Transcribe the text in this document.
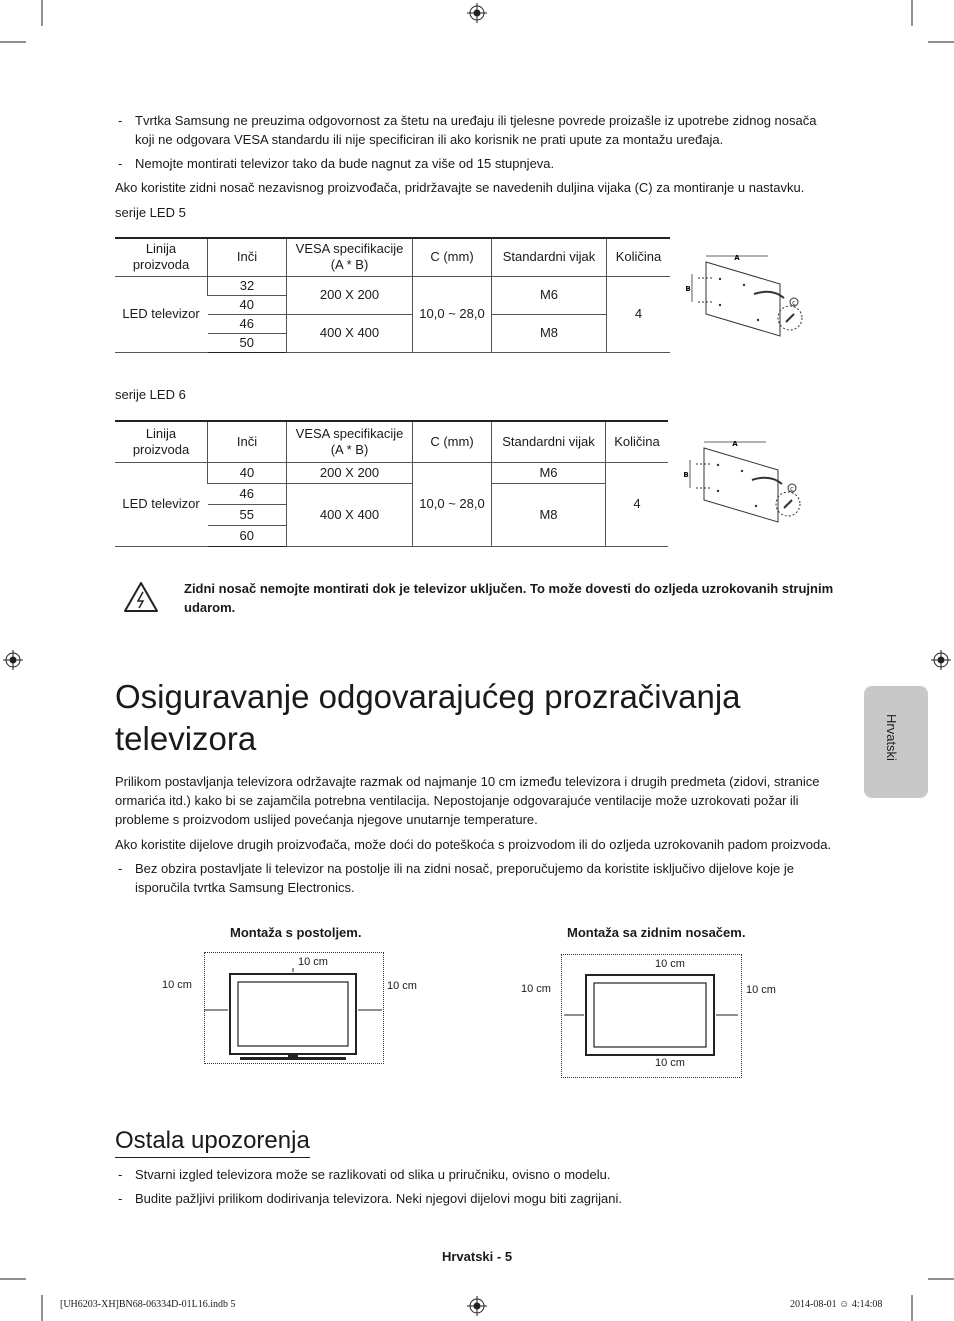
- Tvrtka Samsung ne preuzima odgovornost za štetu na uređaju ili tjelesne povrede proizašle iz upotrebe zidnog nosača koji ne odgovara VESA standardu ili nije specificiran ili ako korisnik ne prati upute za montažu uređaja.
- Nemojte montirati televizor tako da bude nagnut za više od 15 stupnjeva.
Ako koristite zidni nosač nezavisnog proizvođača, pridržavajte se navedenih duljina vijaka (C) za montiranje u nastavku.
serije LED 5
Linija proizvoda	Inči	VESA specifikacije (A * B)	C (mm)	Standardni vijak	Količina
LED televizor	32	200 X 200	10,0 ~ 28,0	M6	4
	40				
	46	400 X 400		M8	
	50				
A
B
C
serije LED 6
Linija proizvoda	Inči	VESA specifikacije (A * B)	C (mm)	Standardni vijak	Količina
LED televizor	40	200 X 200	10,0 ~ 28,0	M6	4
	46	400 X 400		M8	
	55				
	60				
A
B
C
Zidni nosač nemojte montirati dok je televizor uključen. To može dovesti do ozljeda uzrokovanih strujnim udarom.
Osiguravanje odgovarajućeg prozračivanja televizora
Prilikom postavljanja televizora održavajte razmak od najmanje 10 cm između televizora i drugih predmeta (zidovi, stranice ormarića itd.) kako bi se zajamčila potrebna ventilacija. Nepostojanje odgovarajuće ventilacije može uzrokovati požar ili probleme s proizvodom uslijed povećanja njegove unutarnje temperature.
Ako koristite dijelove drugih proizvođača, može doći do poteškoća s proizvodom ili do ozljeda uzrokovanih padom proizvoda.
- Bez obzira postavljate li televizor na postolje ili na zidni nosač, preporučujemo da koristite isključivo dijelove koje je isporučila tvrtka Samsung Electronics.
Montaža s postoljem.
10 cm
10 cm	10 cm
Montaža sa zidnim nosačem.
10 cm
10 cm	10 cm
10 cm
Ostala upozorenja
- Stvarni izgled televizora može se razlikovati od slika u priručniku, ovisno o modelu.
- Budite pažljivi prilikom dodirivanja televizora. Neki njegovi dijelovi mogu biti zagrijani.
Hrvatski
Hrvatski - 5
[UH6203-XH]BN68-06334D-01L16.indb 5	2014-08-01 ☺ 4:14:08
